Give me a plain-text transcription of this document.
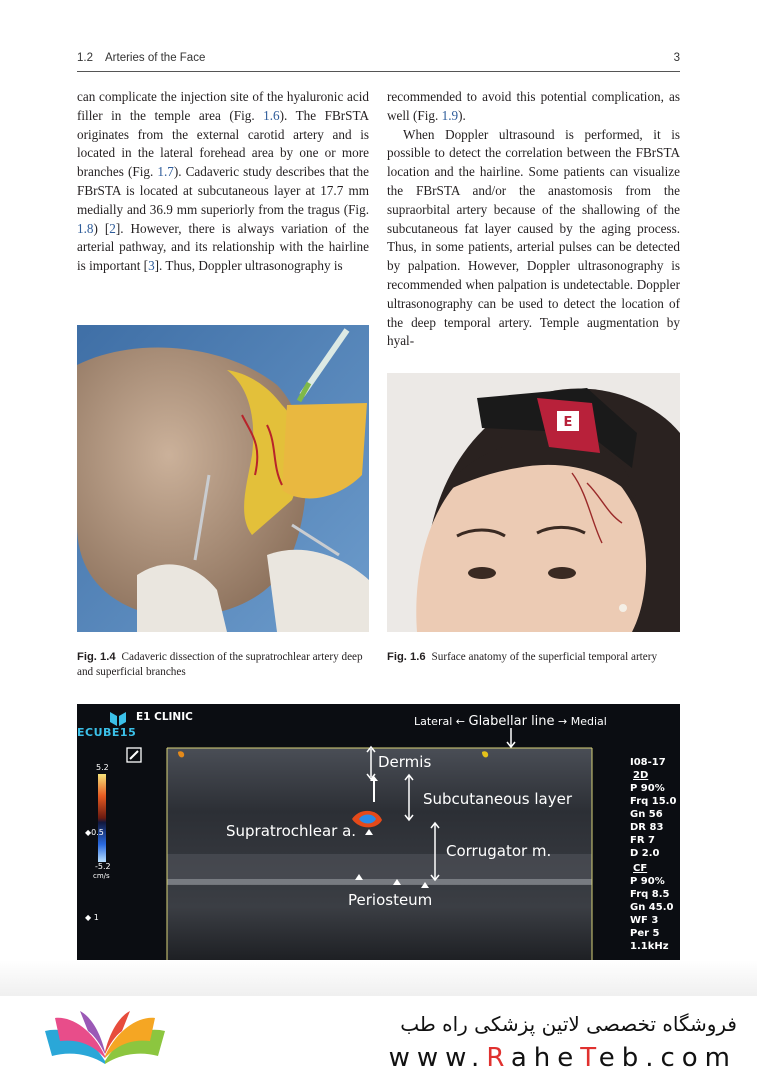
1.2 Arteries of the Face	3

can complicate the injection site of the hyaluronic acid filler in the temple area (Fig. 1.6). The FBrSTA originates from the external carotid artery and is located in the lateral forehead area by one or more branches (Fig. 1.7). Cadaveric study describes that the FBrSTA is located at subcutaneous layer at 17.7 mm medially and 36.9 mm superiorly from the tragus (Fig. 1.8) [2]. However, there is always variation of the arterial pathway, and its relationship with the hairline is important [3]. Thus, Doppler ultrasonography is

recommended to avoid this potential complication, as well (Fig. 1.9).

When Doppler ultrasound is performed, it is possible to detect the correlation between the FBrSTA location and the hairline. Some patients can visualize the FBrSTA and/or the anastomosis from the supraorbital artery because of the shallowing of the subcutaneous fat layer caused by the aging process. Thus, in some patients, arterial pulses can be detected by palpation. However, Doppler ultrasonography is recommended when palpation is undetectable. Doppler ultrasonography can be used to detect the location of the deep temporal artery. Temple augmentation by hyal-

E
Fig. 1.4 Cadaveric dissection of the supratrochlear artery deep and superficial branches
Fig. 1.6 Surface anatomy of the superficial temporal artery
E1 CLINIC
ECUBE15
Lateral ← Glabellar line → Medial
5.2
◆0.5
-5.2
cm/s
◆ 1
Dermis
Subcutaneous layer
Supratrochlear a.
Corrugator m.
Periosteum
I08-17
2D
P 90%
Frq 15.0
Gn 56
DR 83
FR 7
D 2.0
CF
P 90%
Frq 8.5
Gn 45.0
WF 3
Per 5
1.1kHz
فروشگاه تخصصی لاتین پزشکی راه طب
www.RaheTeb.com
